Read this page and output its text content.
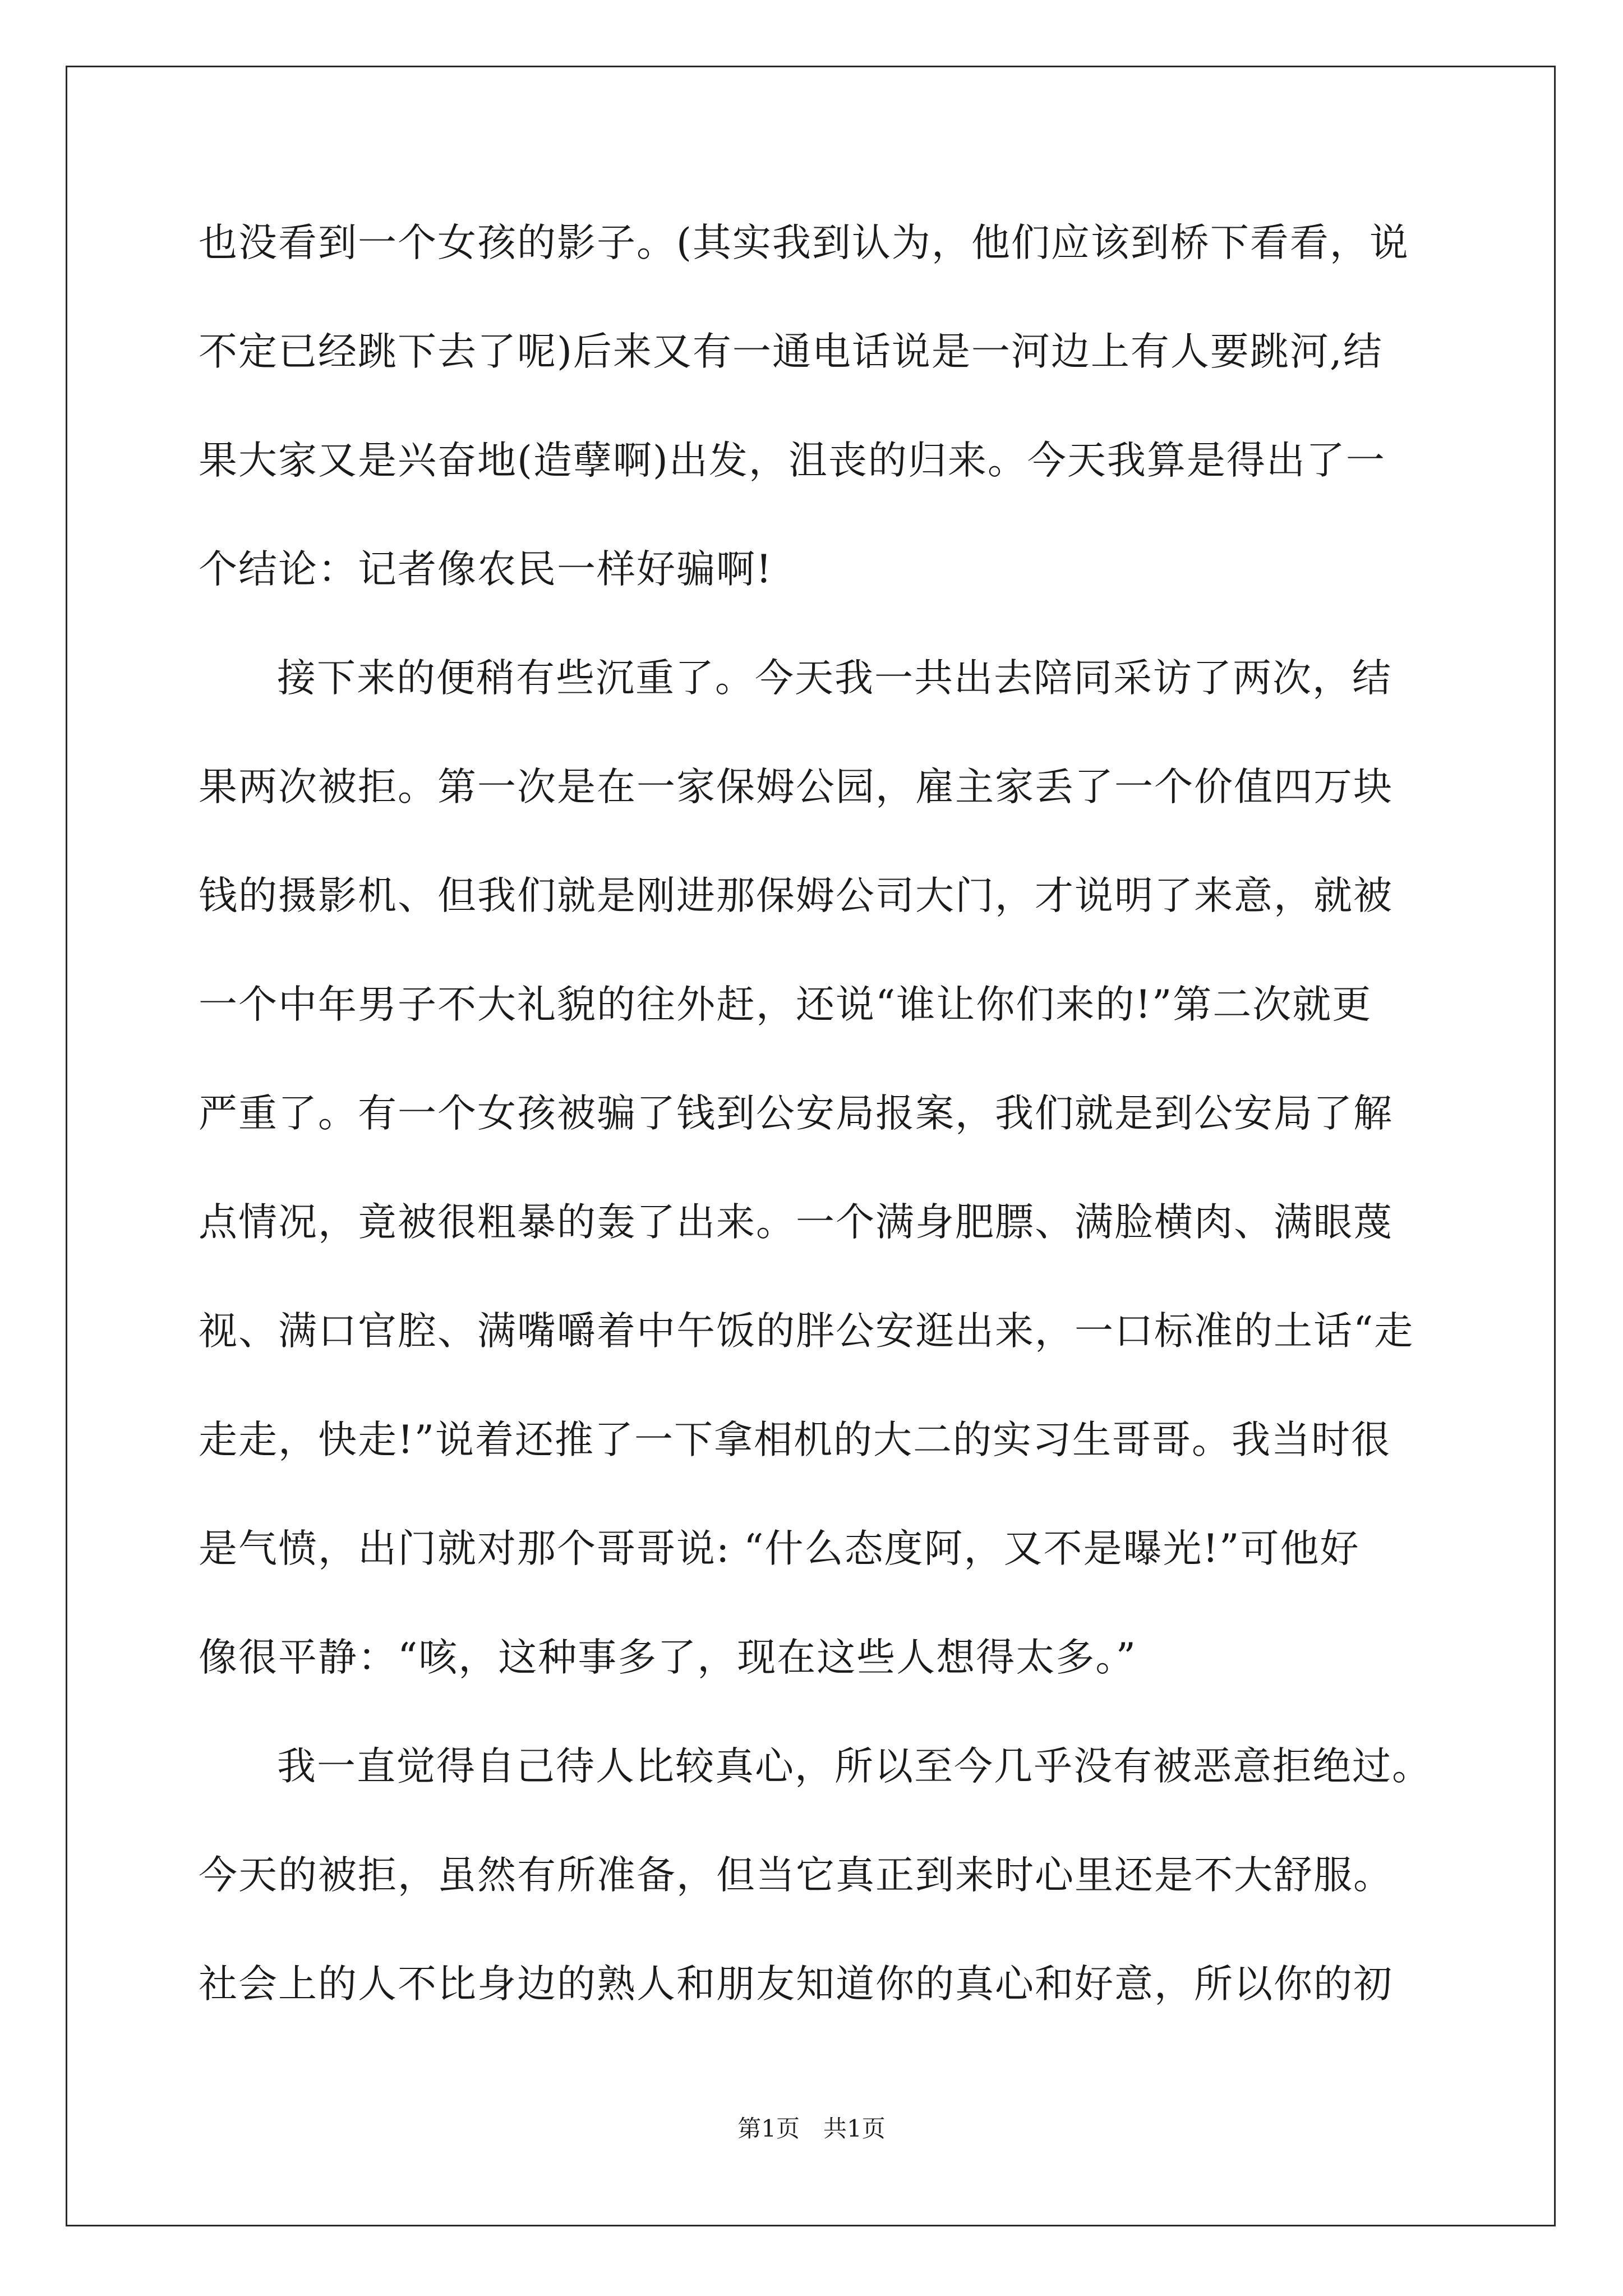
也没看到一个女孩的影子。(其实我到认为，他们应该到桥下看看，说
不定已经跳下去了呢)后来又有一通电话说是一河边上有人要跳河,结
果大家又是兴奋地(造孽啊)出发，沮丧的归来。今天我算是得出了一
个结论：记者像农民一样好骗啊!
接下来的便稍有些沉重了。今天我一共出去陪同采访了两次，结
果两次被拒。第一次是在一家保姆公园，雇主家丢了一个价值四万块
钱的摄影机、但我们就是刚进那保姆公司大门，才说明了来意，就被
一个中年男子不大礼貌的往外赶，还说“谁让你们来的!”第二次就更
严重了。有一个女孩被骗了钱到公安局报案，我们就是到公安局了解
点情况，竟被很粗暴的轰了出来。一个满身肥膘、满脸横肉、满眼蔑
视、满口官腔、满嘴嚼着中午饭的胖公安逛出来，一口标准的土话“走
走走，快走!”说着还推了一下拿相机的大二的实习生哥哥。我当时很
是气愤，出门就对那个哥哥说: “什么态度阿，又不是曝光!”可他好
像很平静：“咳，这种事多了，现在这些人想得太多。”
我一直觉得自己待人比较真心，所以至今几乎没有被恶意拒绝过。
今天的被拒，虽然有所准备，但当它真正到来时心里还是不大舒服。
社会上的人不比身边的熟人和朋友知道你的真心和好意，所以你的初
第1页　共1页
